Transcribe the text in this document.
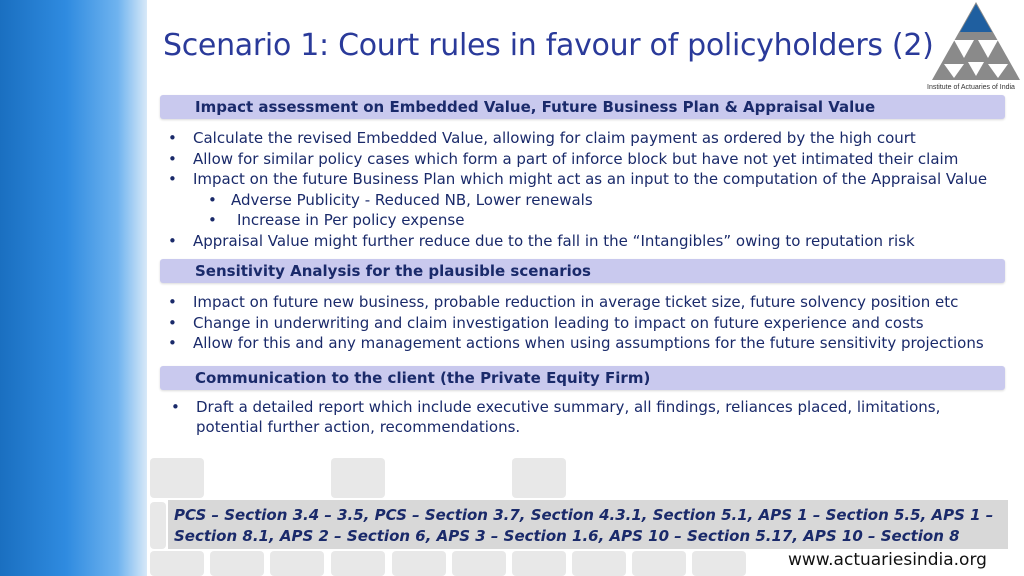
Scenario 1: Court rules in favour of policyholders (2)
Institute of Actuaries of India
Impact assessment on Embedded Value, Future Business Plan & Appraisal Value
• Calculate the revised Embedded Value, allowing for claim payment as ordered by the high court
• Allow for similar policy cases which form a part of inforce block but have not yet intimated their claim
• Impact on the future Business Plan which might act as an input to the computation of the Appraisal Value
• Adverse Publicity - Reduced NB, Lower renewals
• Increase in Per policy expense
• Appraisal Value might further reduce due to the fall in the “Intangibles” owing to reputation risk
Sensitivity Analysis for the plausible scenarios
• Impact on future new business, probable reduction in average ticket size, future solvency position etc
• Change in underwriting and claim investigation leading to impact on future experience and costs
• Allow for this and any management actions when using assumptions for the future sensitivity projections
Communication to the client (the Private Equity Firm)
• Draft a detailed report which include executive summary, all findings, reliances placed, limitations, potential further action, recommendations.
PCS – Section 3.4 – 3.5, PCS – Section 3.7, Section 4.3.1, Section 5.1, APS 1 – Section 5.5, APS 1 – Section 8.1, APS 2 – Section 6, APS 3 – Section 1.6, APS 10 – Section 5.17, APS 10 – Section 8
www.actuariesindia.org
